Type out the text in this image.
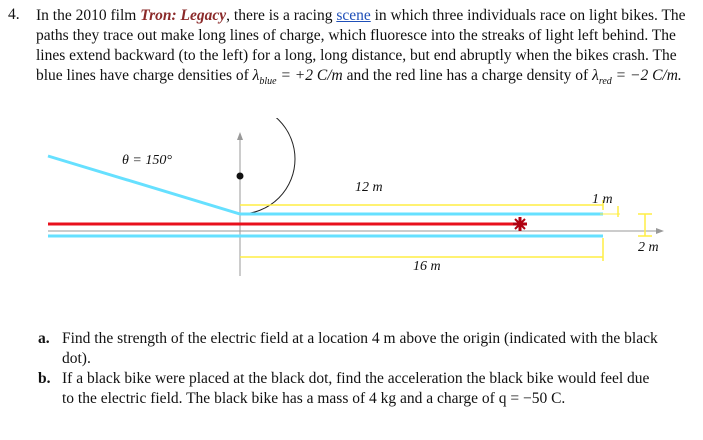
4. In the 2010 film Tron: Legacy, there is a racing scene in which three individuals race on light bikes. The paths they trace out make long lines of charge, which fluoresce into the streaks of light left behind. The lines extend backward (to the left) for a long, long distance, but end abruptly when the bikes crash. The blue lines have charge densities of $\lambda_{blue} = +2$ C/m and the red line has a charge density of $\lambda_{red} = -2$ C/m.
θ = 150°
12 m
1 m
2 m
16 m
a. Find the strength of the electric field at a location 4 m above the origin (indicated with the black dot).
b. If a black bike were placed at the black dot, find the acceleration the black bike would feel due to the electric field. The black bike has a mass of 4 kg and a charge of q = −50 C.
